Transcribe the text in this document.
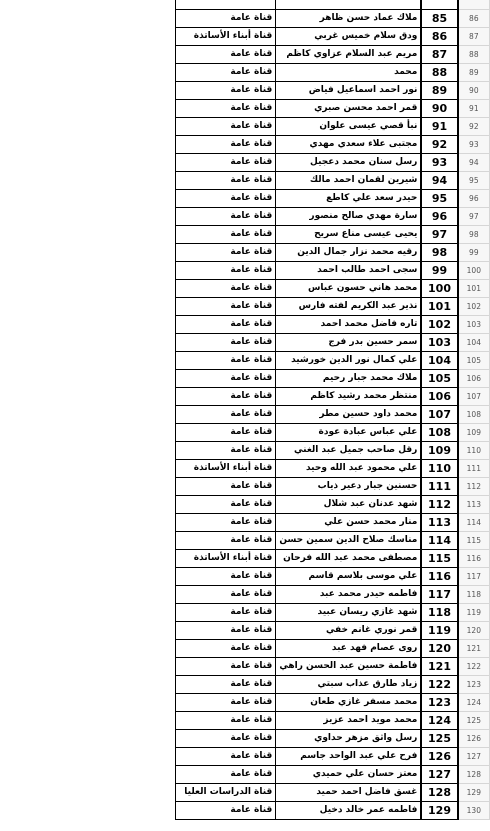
قناة عامة	ملاك عماد حسن ظاهر	85	86
قناة أبناء الأساتذة	ودق سلام خميس غربي	86	87
قناة عامة	مريم عبد السلام عزاوي كاظم	87	88
قناة عامة	محمد	88	89
قناة عامة	نور احمد اسماعيل فياض	89	90
قناة عامة	قمر احمد محسن صبري	90	91
قناة عامة	نبأ قصي عيسى علوان	91	92
قناة عامة	مجتبى علاء سعدي مهدي	92	93
قناة عامة	رسل سنان محمد دعجيل	93	94
قناة عامة	شيرين لقمان احمد مالك	94	95
قناة عامة	حيدر سعد علي كاطع	95	96
قناة عامة	سارة مهدي صالح منصور	96	97
قناة عامة	يحيى عيسى مناع سريح	97	98
قناة عامة	رقيه محمد نزار جمال الدين	98	99
قناة عامة	سجى احمد طالب احمد	99	100
قناة عامة	محمد هاني حسون عباس	100	101
قناة عامة	نذير عبد الكريم لفته فارس	101	102
قناة عامة	تاره فاضل محمد احمد	102	103
قناة عامة	سمر حسين بدر فرج	103	104
قناة عامة	علي كمال نور الدين خورشيد	104	105
قناة عامة	ملاك محمد جبار رحيم	105	106
قناة عامة	منتظر محمد رشيد كاظم	106	107
قناة عامة	محمد داود حسين مطر	107	108
قناة عامة	علي عباس عبادة عودة	108	109
قناة عامة	رقل صاحب جميل عبد الغني	109	110
قناة أبناء الأساتذة	علي محمود عبد الله وحيد	110	111
قناة عامة	حسنين جبار دعير ذياب	111	112
قناة عامة	شهد عدنان عبد شلال	112	113
قناة عامة	منار محمد حسن علي	113	114
قناة عامة	مناسك صلاح الدين سمين حسن	114	115
قناة أبناء الأساتذة	مصطفى محمد عبد الله فرحان	115	116
قناة عامة	علي موسى بلاسم قاسم	116	117
قناة عامة	فاطمه حيدر محمد عبد	117	118
قناة عامة	شهد غازي ريسان عبيد	118	119
قناة عامة	قمر نوري غانم خفي	119	120
قناة عامة	روى عصام فهد عبد	120	121
قناة عامة	فاطمة حسين عبد الحسن راهي	121	122
قناة عامة	زياد طارق عذاب سبتي	122	123
قناة عامة	محمد مسفر غازي طعان	123	124
قناة عامة	محمد مويد احمد عزيز	124	125
قناة عامة	رسل واثق مزهر حداوي	125	126
قناة عامة	فرح علي عبد الواحد جاسم	126	127
قناة عامة	معتز حسان علي حميدي	127	128
قناة الدراسات العليا	غسق فاضل احمد حميد	128	129
قناة عامة	فاطمه عمر خالد دخيل	129	130
